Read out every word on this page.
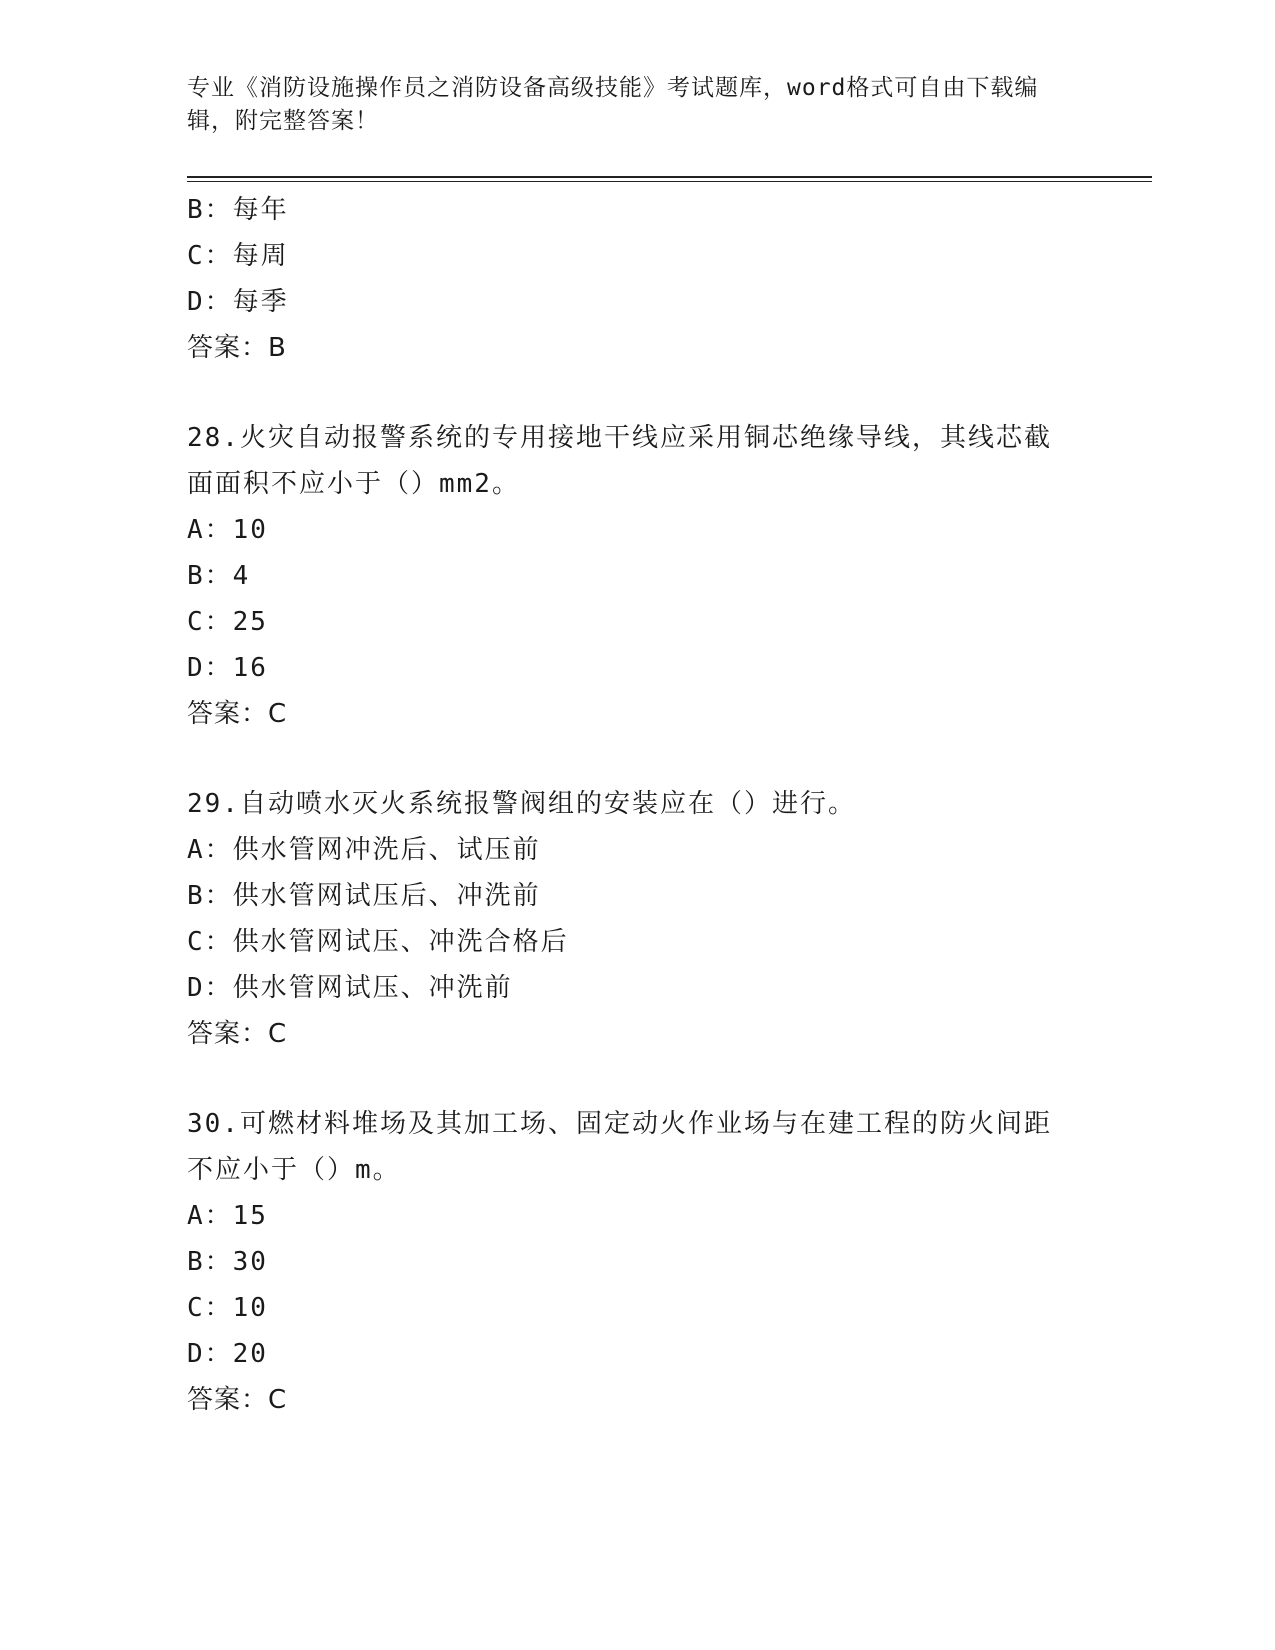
专业《消防设施操作员之消防设备高级技能》考试题库，word格式可自由下载编辑，附完整答案！
B：每年
C：每周
D：每季
答案：B
28.火灾自动报警系统的专用接地干线应采用铜芯绝缘导线，其线芯截面面积不应小于（）mm2。
A：10
B：4
C：25
D：16
答案：C
29.自动喷水灭火系统报警阀组的安装应在（）进行。
A：供水管网冲洗后、试压前
B：供水管网试压后、冲洗前
C：供水管网试压、冲洗合格后
D：供水管网试压、冲洗前
答案：C
30.可燃材料堆场及其加工场、固定动火作业场与在建工程的防火间距不应小于（）m。
A：15
B：30
C：10
D：20
答案：C
